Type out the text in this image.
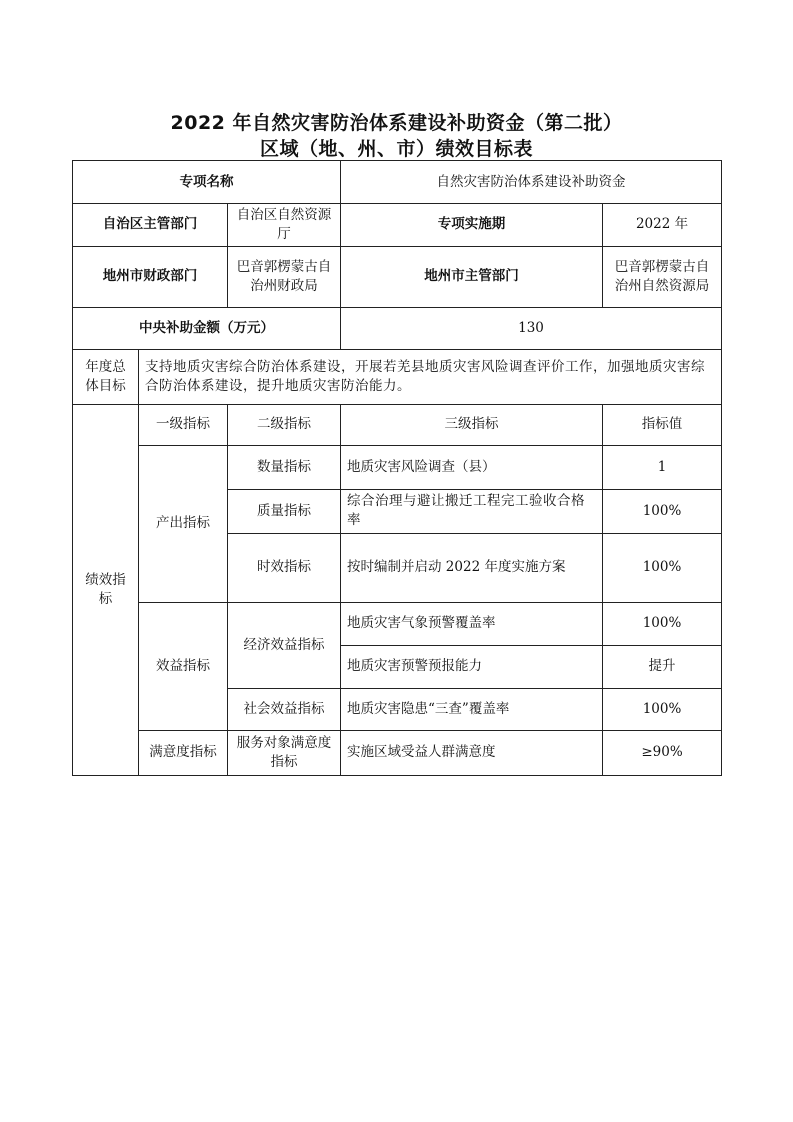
2022 年自然灾害防治体系建设补助资金（第二批）
区域（地、州、市）绩效目标表
专项名称			自然灾害防治体系建设补助资金	
自治区主管部门		自治区自然资源厅	专项实施期	2022 年
地州市财政部门		巴音郭楞蒙古自治州财政局	地州市主管部门	巴音郭楞蒙古自治州自然资源局
中央补助金额（万元）			130	
年度总体目标	支持地质灾害综合防治体系建设，开展若羌县地质灾害风险调查评价工作，加强地质灾害综合防治体系建设，提升地质灾害防治能力。			
绩效指标	一级指标	二级指标	三级指标	指标值
	产出指标	数量指标	地质灾害风险调查（县）	1
		质量指标	综合治理与避让搬迁工程完工验收合格率	100%
		时效指标	按时编制并启动 2022 年度实施方案	100%
	效益指标	经济效益指标	地质灾害气象预警覆盖率	100%
			地质灾害预警预报能力	提升
		社会效益指标	地质灾害隐患“三查”覆盖率	100%
	满意度指标	服务对象满意度指标	实施区域受益人群满意度	≥90%
